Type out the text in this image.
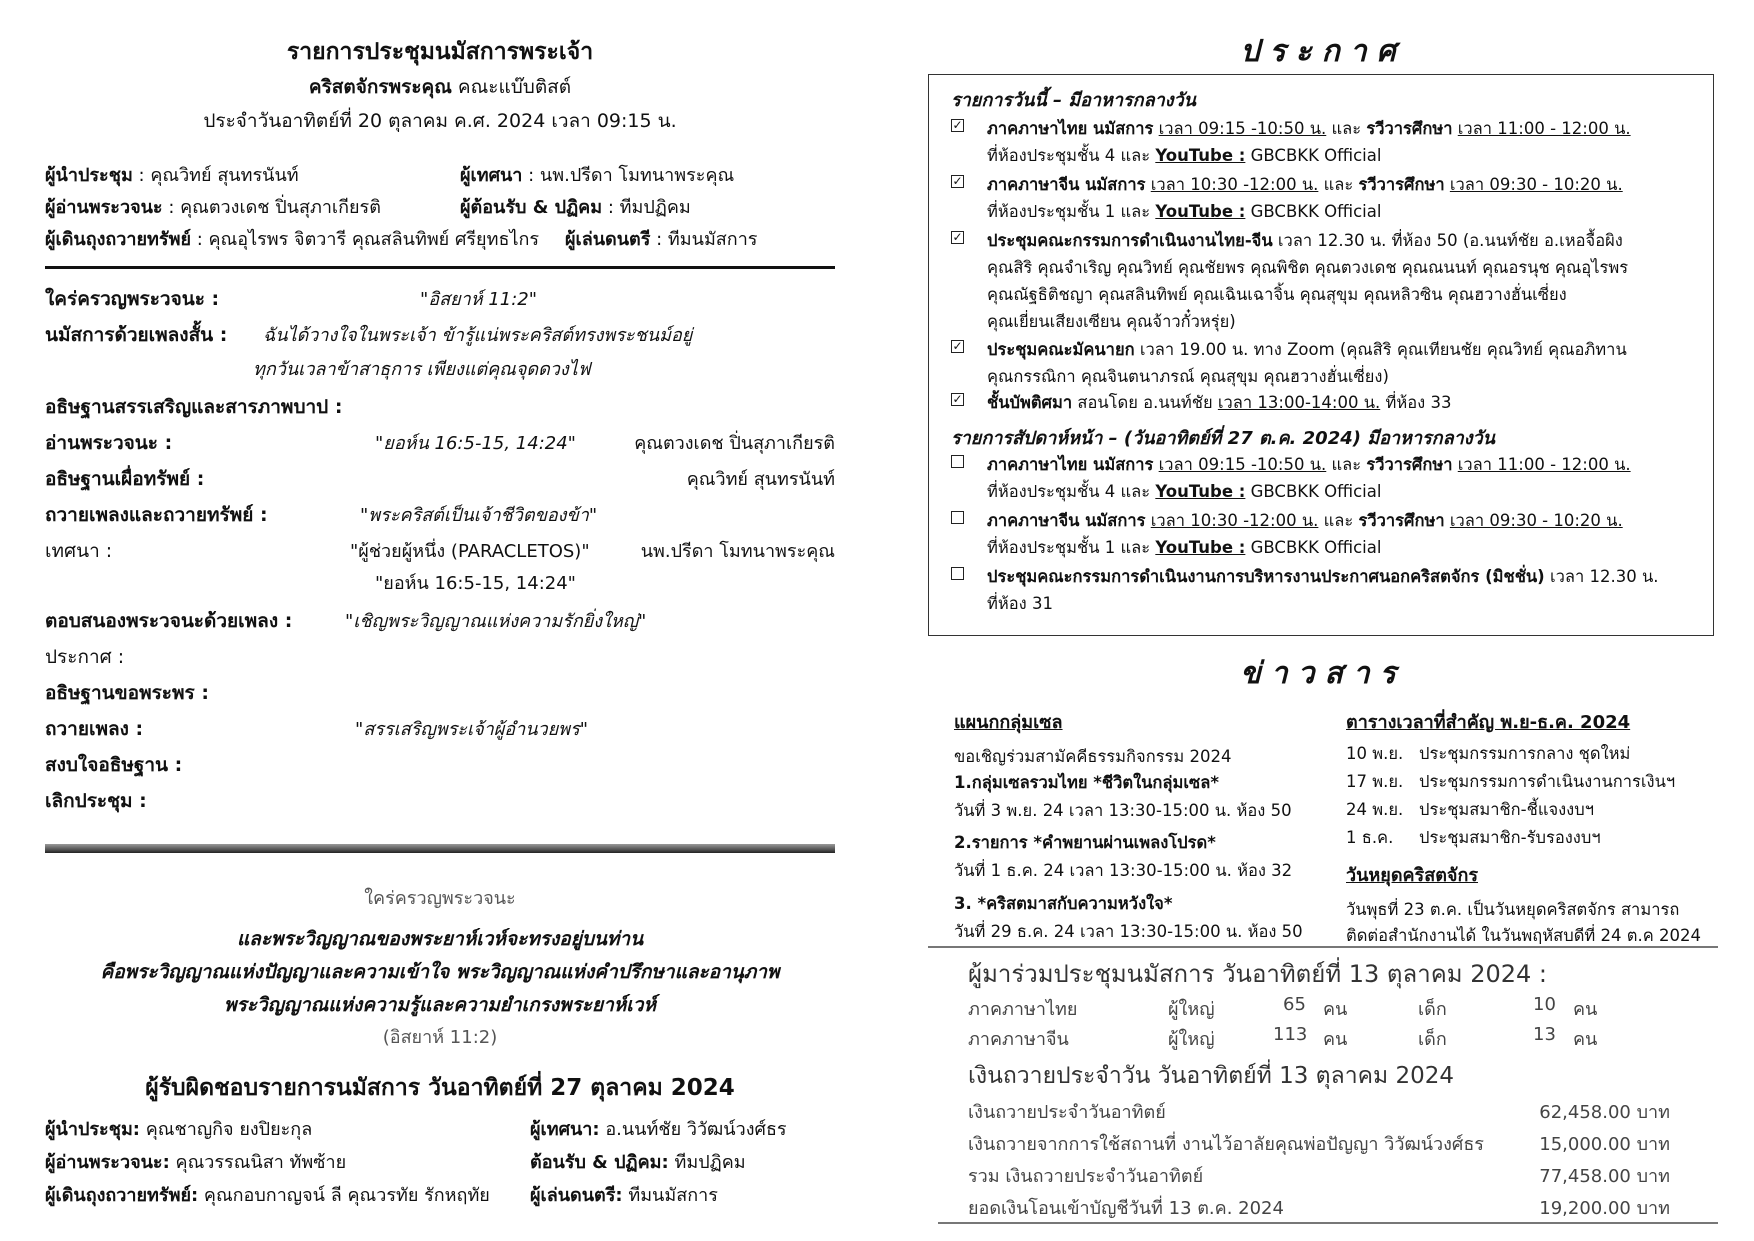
รายการประชุมนมัสการพระเจ้า
คริสตจักรพระคุณ คณะแบ๊บติสต์
ประจำวันอาทิตย์ที่ 20 ตุลาคม ค.ศ. 2024 เวลา 09:15 น.
ผู้นำประชุม : คุณวิทย์ สุนทรนันท์	ผู้เทศนา : นพ.ปรีดา โมทนาพระคุณ
ผู้อ่านพระวจนะ : คุณตวงเดช ปิ่นสุภาเกียรติ	ผู้ต้อนรับ & ปฏิคม : ทีมปฏิคม
ผู้เดินถุงถวายทรัพย์ : คุณอุไรพร จิตวารี คุณสลินทิพย์ ศรียุทธไกร ผู้เล่นดนตรี : ทีมนมัสการ
ใคร่ครวญพระวจนะ :	"อิสยาห์ 11:2"
นมัสการด้วยเพลงสั้น : ฉันได้วางใจในพระเจ้า ข้ารู้แน่พระคริสต์ทรงพระชนม์อยู่
ทุกวันเวลาข้าสาธุการ เพียงแต่คุณจุดดวงไฟ
อธิษฐานสรรเสริญและสารภาพบาป :
อ่านพระวจนะ :	"ยอห์น 16:5-15, 14:24"	คุณตวงเดช ปิ่นสุภาเกียรติ
อธิษฐานเผื่อทรัพย์ :	คุณวิทย์ สุนทรนันท์
ถวายเพลงและถวายทรัพย์ :	"พระคริสต์เป็นเจ้าชีวิตของข้า"
เทศนา :	"ผู้ช่วยผู้หนึ่ง (PARACLETOS)"	นพ.ปรีดา โมทนาพระคุณ
"ยอห์น 16:5-15, 14:24"
ตอบสนองพระวจนะด้วยเพลง :	"เชิญพระวิญญาณแห่งความรักยิ่งใหญ่"
ประกาศ :
อธิษฐานขอพระพร :
ถวายเพลง :	"สรรเสริญพระเจ้าผู้อำนวยพร"
สงบใจอธิษฐาน :
เลิกประชุม :
ใคร่ครวญพระวจนะ
และพระวิญญาณของพระยาห์เวห์จะทรงอยู่บนท่าน
คือพระวิญญาณแห่งปัญญาและความเข้าใจ พระวิญญาณแห่งคำปรึกษาและอานุภาพ
พระวิญญาณแห่งความรู้และความยำเกรงพระยาห์เวห์
(อิสยาห์ 11:2)
ผู้รับผิดชอบรายการนมัสการ วันอาทิตย์ที่ 27 ตุลาคม 2024
ผู้นำประชุม: คุณชาญกิจ ยงปิยะกุล	ผู้เทศนา: อ.นนท์ชัย วิวัฒน์วงศ์ธร
ผู้อ่านพระวจนะ: คุณวรรณนิสา ทัพซ้าย	ต้อนรับ & ปฏิคม: ทีมปฏิคม
ผู้เดินถุงถวายทรัพย์: คุณกอบกาญจน์ ลี คุณวรทัย รักหฤทัย ผู้เล่นดนตรี: ทีมนมัสการ
ประกาศ
รายการวันนี้ – มีอาหารกลางวัน
✓ ภาคภาษาไทย นมัสการ เวลา 09:15 -10:50 น. และ รวีวารศึกษา เวลา 11:00 - 12:00 น.
ที่ห้องประชุมชั้น 4 และ YouTube : GBCBKK Official
✓ ภาคภาษาจีน นมัสการ เวลา 10:30 -12:00 น. และ รวีวารศึกษา เวลา 09:30 - 10:20 น.
ที่ห้องประชุมชั้น 1 และ YouTube : GBCBKK Official
✓ ประชุมคณะกรรมการดำเนินงานไทย-จีน เวลา 12.30 น. ที่ห้อง 50 (อ.นนท์ชัย อ.เหอจื้อผิง
คุณสิริ คุณจำเริญ คุณวิทย์ คุณชัยพร คุณพิชิต คุณตวงเดช คุณณนนท์ คุณอรนุช คุณอุไรพร
คุณณัฐธิติชญา คุณสลินทิพย์ คุณเฉินเฉาจิ้น คุณสุขุม คุณหลิวซิน คุณฮวางฮั่นเซี่ยง
คุณเยี่ยนเสียงเซียน คุณจ้าวกั๋วหรุ่ย)
✓ ประชุมคณะมัคนายก เวลา 19.00 น. ทาง Zoom (คุณสิริ คุณเทียนชัย คุณวิทย์ คุณอภิทาน
คุณกรรณิกา คุณจินตนาภรณ์ คุณสุขุม คุณฮวางฮั่นเซี่ยง)
✓ ชั้นบัพติศมา สอนโดย อ.นนท์ชัย เวลา 13:00-14:00 น. ที่ห้อง 33
รายการสัปดาห์หน้า – (วันอาทิตย์ที่ 27 ต.ค. 2024) มีอาหารกลางวัน
ภาคภาษาไทย นมัสการ เวลา 09:15 -10:50 น. และ รวีวารศึกษา เวลา 11:00 - 12:00 น.
ที่ห้องประชุมชั้น 4 และ YouTube : GBCBKK Official
ภาคภาษาจีน นมัสการ เวลา 10:30 -12:00 น. และ รวีวารศึกษา เวลา 09:30 - 10:20 น.
ที่ห้องประชุมชั้น 1 และ YouTube : GBCBKK Official
ประชุมคณะกรรมการดำเนินงานการบริหารงานประกาศนอกคริสตจักร (มิชชั่น) เวลา 12.30 น.
ที่ห้อง 31
ข่าวสาร
แผนกกลุ่มเซล
ขอเชิญร่วมสามัคคีธรรมกิจกรรม 2024
1.กลุ่มเซลรวมไทย *ชีวิตในกลุ่มเซล*
วันที่ 3 พ.ย. 24 เวลา 13:30-15:00 น. ห้อง 50
2.รายการ *คำพยานผ่านเพลงโปรด*
วันที่ 1 ธ.ค. 24 เวลา 13:30-15:00 น. ห้อง 32
3. *คริสตมาสกับความหวังใจ*
วันที่ 29 ธ.ค. 24 เวลา 13:30-15:00 น. ห้อง 50
ตารางเวลาที่สำคัญ พ.ย-ธ.ค. 2024
10 พ.ย. ประชุมกรรมการกลาง ชุดใหม่
17 พ.ย. ประชุมกรรมการดำเนินงานการเงินฯ
24 พ.ย. ประชุมสมาชิก-ชี้แจงงบฯ
1 ธ.ค. ประชุมสมาชิก-รับรองงบฯ
วันหยุดคริสตจักร
วันพุธที่ 23 ต.ค. เป็นวันหยุดคริสตจักร สามารถ
ติดต่อสำนักงานได้ ในวันพฤหัสบดีที่ 24 ต.ค 2024
ผู้มาร่วมประชุมนมัสการ วันอาทิตย์ที่ 13 ตุลาคม 2024 :
ภาคภาษาไทย	ผู้ใหญ่	65 คน	เด็ก	10 คน
ภาคภาษาจีน	ผู้ใหญ่	113 คน	เด็ก	13 คน
เงินถวายประจำวัน วันอาทิตย์ที่ 13 ตุลาคม 2024
เงินถวายประจำวันอาทิตย์	62,458.00 บาท
เงินถวายจากการใช้สถานที่ งานไว้อาลัยคุณพ่อปัญญา วิวัฒน์วงศ์ธร	15,000.00 บาท
รวม เงินถวายประจำวันอาทิตย์	77,458.00 บาท
ยอดเงินโอนเข้าบัญชีวันที่ 13 ต.ค. 2024	19,200.00 บาท
